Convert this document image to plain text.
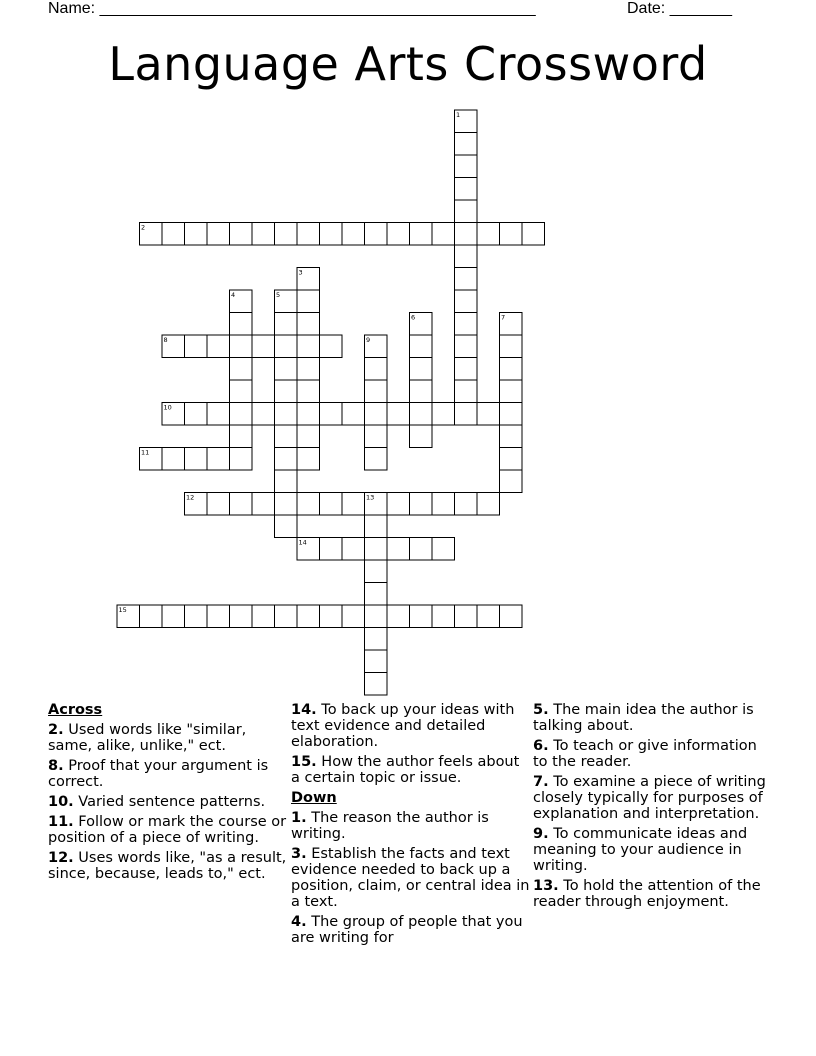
Name: _________________________________________________	Date: _______
Language Arts Crossword
1
2
3
4	5
6	7
8	9
10
11
12	13
14
15
Across
2. Used words like "similar, same, alike, unlike," ect.
8. Proof that your argument is correct.
10. Varied sentence patterns.
11. Follow or mark the course or position of a piece of writing.
12. Uses words like, "as a result, since, because, leads to," ect.
14. To back up your ideas with text evidence and detailed elaboration.
15. How the author feels about a certain topic or issue.
Down
1. The reason the author is writing.
3. Establish the facts and text evidence needed to back up a position, claim, or central idea in a text.
4. The group of people that you are writing for
5. The main idea the author is talking about.
6. To teach or give information to the reader.
7. To examine a piece of writing closely typically for purposes of explanation and interpretation.
9. To communicate ideas and meaning to your audience in writing.
13. To hold the attention of the reader through enjoyment.
